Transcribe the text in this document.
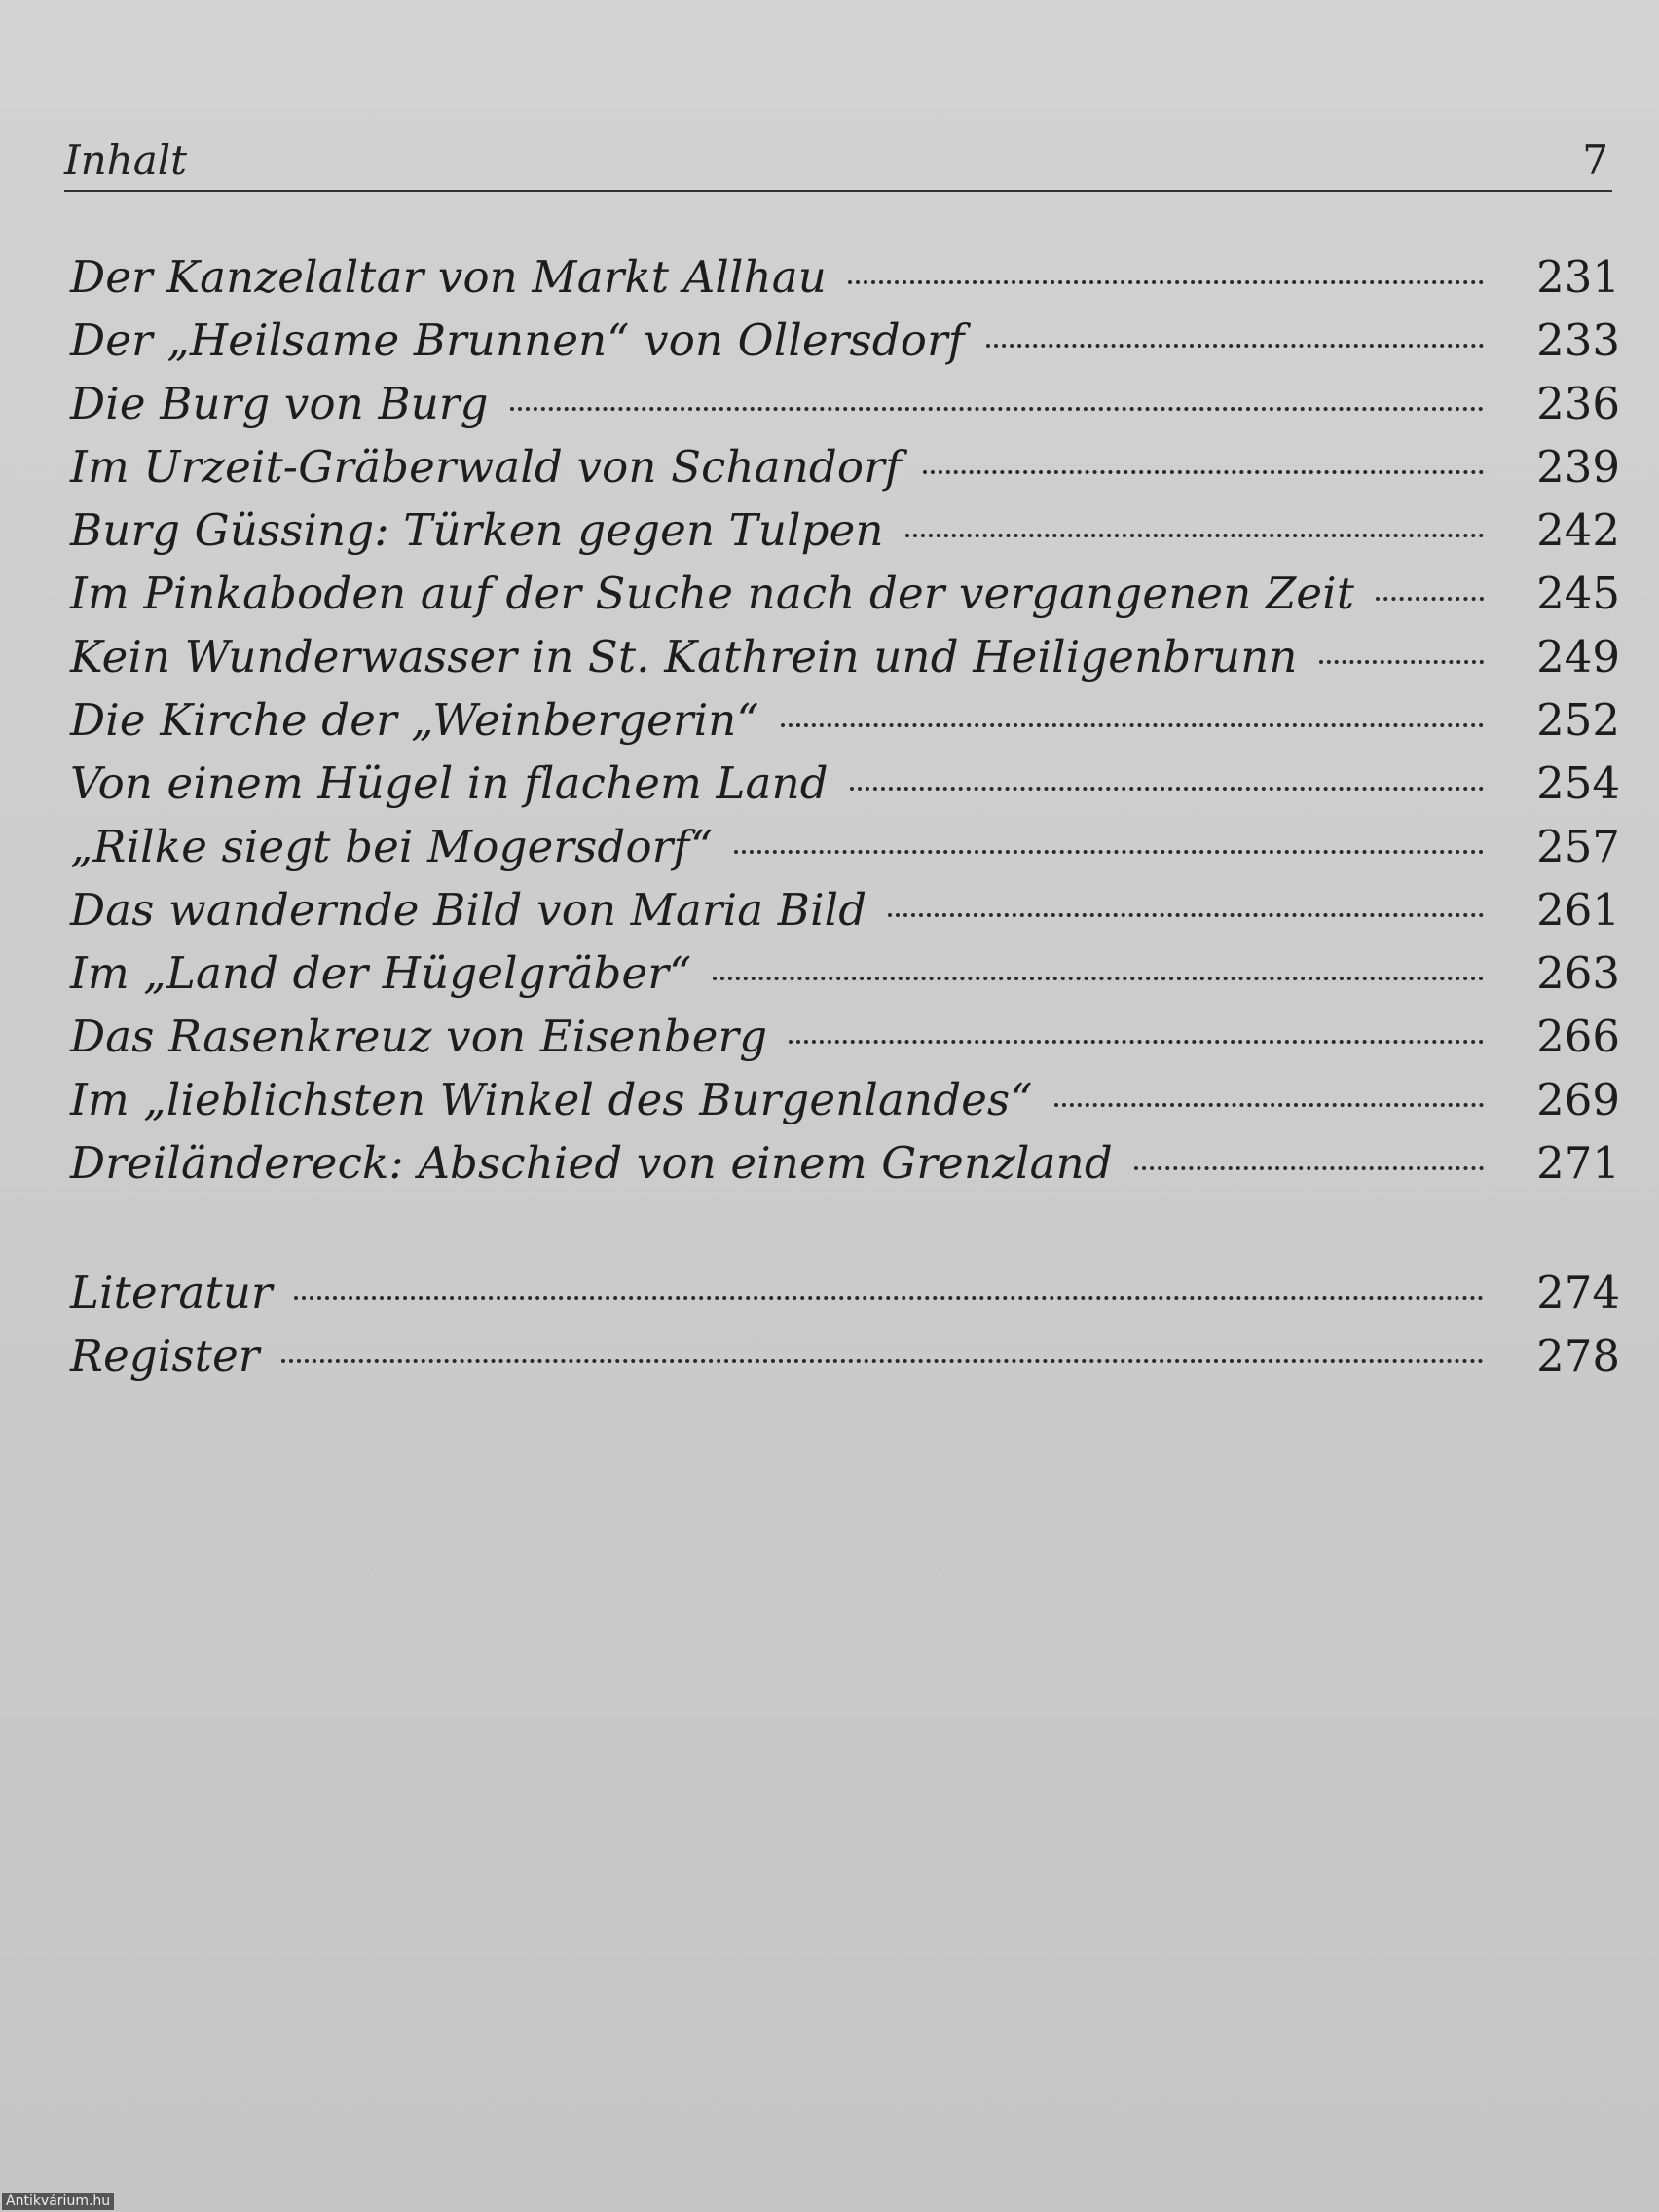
Inhalt	7
Der Kanzelaltar von Markt Allhau	231
Der „Heilsame Brunnen“ von Ollersdorf	233
Die Burg von Burg	236
Im Urzeit-Gräberwald von Schandorf	239
Burg Güssing: Türken gegen Tulpen	242
Im Pinkaboden auf der Suche nach der vergangenen Zeit	245
Kein Wunderwasser in St. Kathrein und Heiligenbrunn	249
Die Kirche der „Weinbergerin“	252
Von einem Hügel in flachem Land	254
„Rilke siegt bei Mogersdorf“	257
Das wandernde Bild von Maria Bild	261
Im „Land der Hügelgräber“	263
Das Rasenkreuz von Eisenberg	266
Im „lieblichsten Winkel des Burgenlandes“	269
Dreiländereck: Abschied von einem Grenzland	271
Literatur	274
Register	278
Antikvárium.hu
